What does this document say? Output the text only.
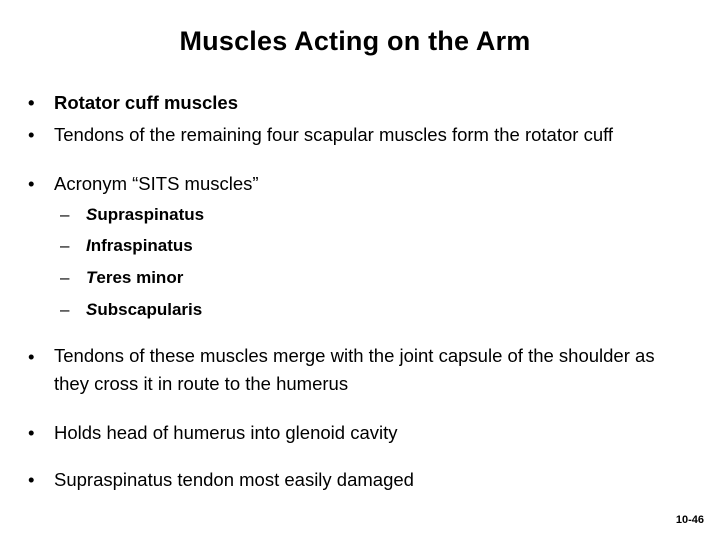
Muscles Acting on the Arm
• Rotator cuff muscles
• Tendons of the remaining four scapular muscles form the rotator cuff
• Acronym “SITS muscles”
– Supraspinatus
– Infraspinatus
– Teres minor
– Subscapularis
• Tendons of these muscles merge with the joint capsule of the shoulder as they cross it in route to the humerus
• Holds head of humerus into glenoid cavity
• Supraspinatus tendon most easily damaged
10-46
